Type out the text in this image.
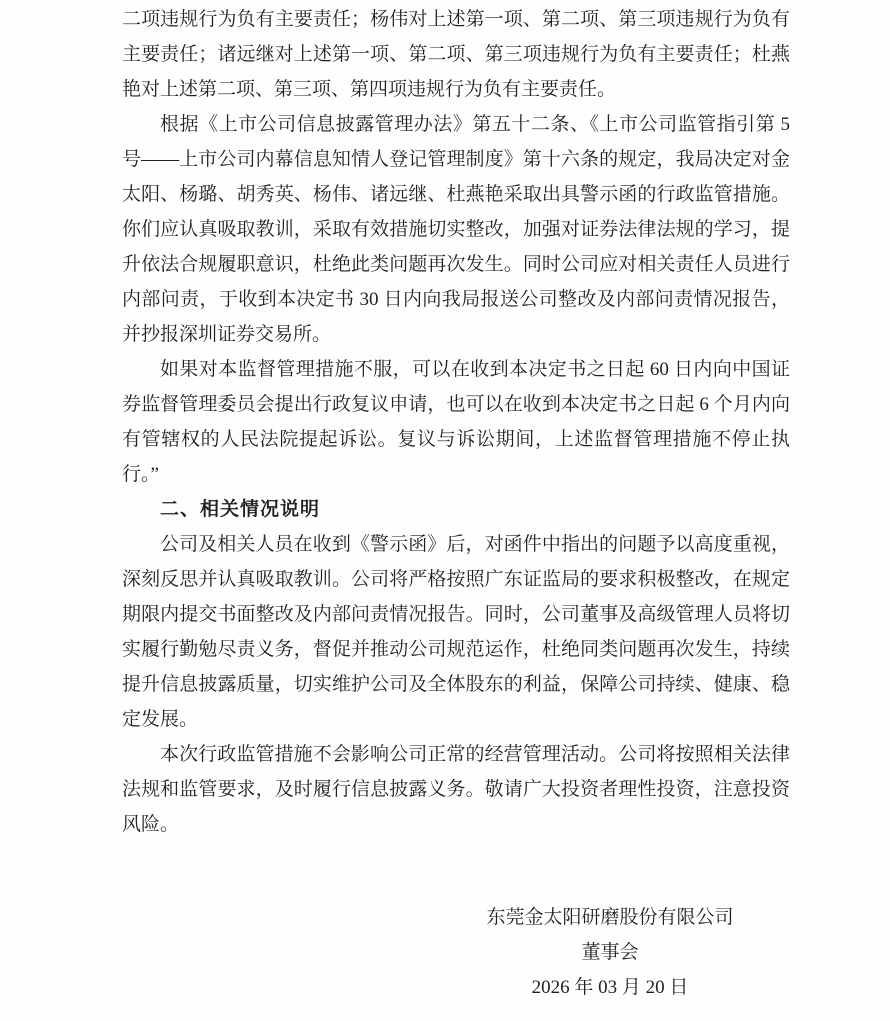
二项违规行为负有主要责任；杨伟对上述第一项、第二项、第三项违规行为负有
主要责任；诸远继对上述第一项、第二项、第三项违规行为负有主要责任；杜燕
艳对上述第二项、第三项、第四项违规行为负有主要责任。
根据《上市公司信息披露管理办法》第五十二条、《上市公司监管指引第 5
号——上市公司内幕信息知情人登记管理制度》第十六条的规定，我局决定对金
太阳、杨璐、胡秀英、杨伟、诸远继、杜燕艳采取出具警示函的行政监管措施。
你们应认真吸取教训，采取有效措施切实整改，加强对证券法律法规的学习，提
升依法合规履职意识，杜绝此类问题再次发生。同时公司应对相关责任人员进行
内部问责，于收到本决定书 30 日内向我局报送公司整改及内部问责情况报告，
并抄报深圳证券交易所。
如果对本监督管理措施不服，可以在收到本决定书之日起 60 日内向中国证
券监督管理委员会提出行政复议申请，也可以在收到本决定书之日起 6 个月内向
有管辖权的人民法院提起诉讼。复议与诉讼期间，上述监督管理措施不停止执
行。”
二、相关情况说明
公司及相关人员在收到《警示函》后，对函件中指出的问题予以高度重视，
深刻反思并认真吸取教训。公司将严格按照广东证监局的要求积极整改，在规定
期限内提交书面整改及内部问责情况报告。同时，公司董事及高级管理人员将切
实履行勤勉尽责义务，督促并推动公司规范运作，杜绝同类问题再次发生，持续
提升信息披露质量，切实维护公司及全体股东的利益，保障公司持续、健康、稳
定发展。
本次行政监管措施不会影响公司正常的经营管理活动。公司将按照相关法律
法规和监管要求，及时履行信息披露义务。敬请广大投资者理性投资，注意投资
风险。
东莞金太阳研磨股份有限公司
董事会
2026 年 03 月 20 日
